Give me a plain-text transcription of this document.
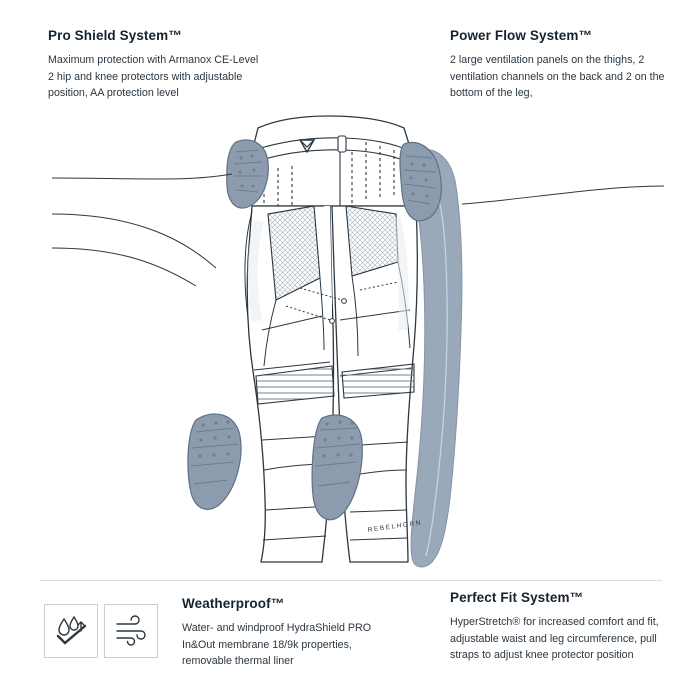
REBELHORN

Pro Shield System™

Maximum protection with Armanox CE-Level 2 hip and knee protectors with adjustable position, AA protection level

Power Flow System™

2 large ventilation panels on the thighs, 2 ventilation channels on the back and 2 on the bottom of the leg,

Weatherproof™

Water- and windproof HydraShield PRO In&Out membrane 18/9k properties, removable thermal liner

Perfect Fit System™

HyperStretch® for increased comfort and fit, adjustable waist and leg circumference, pull straps to adjust knee protector position
